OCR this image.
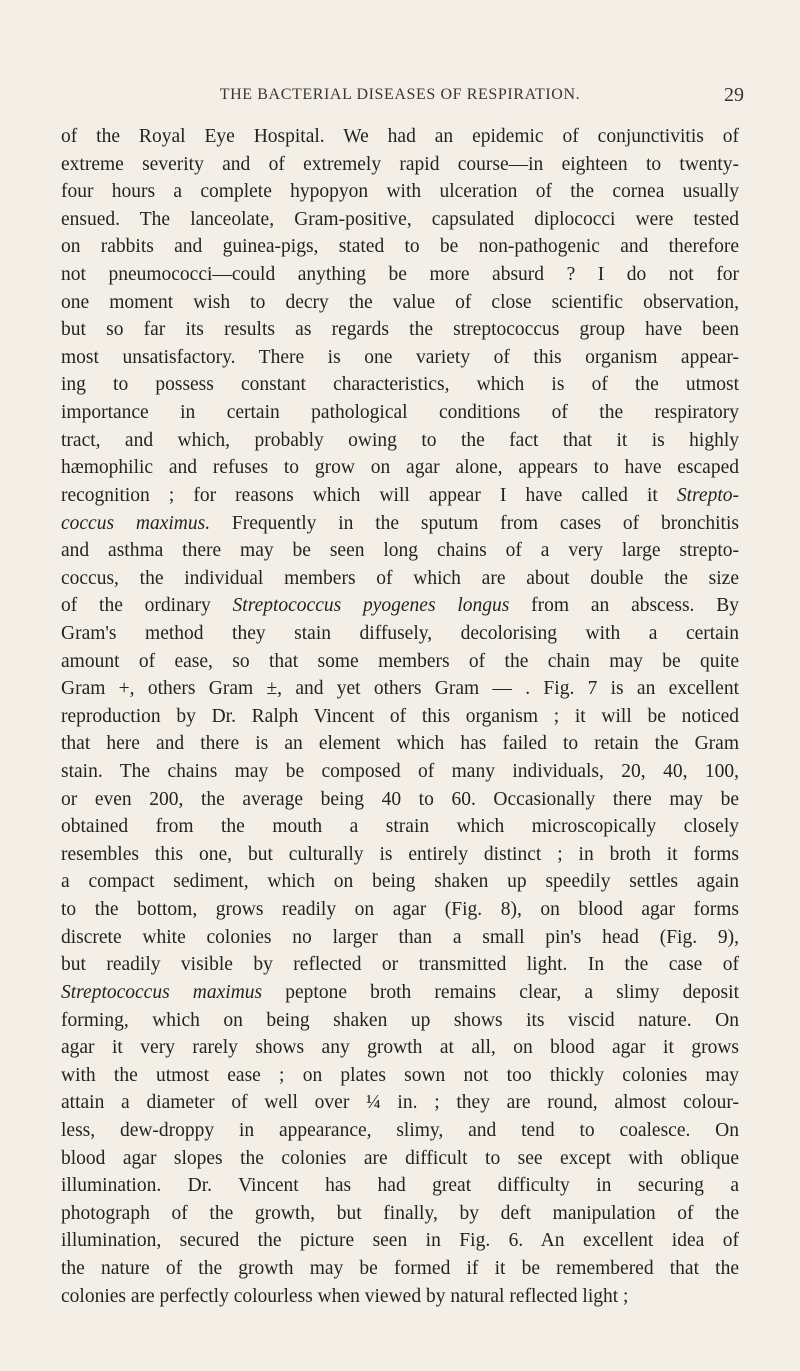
THE BACTERIAL DISEASES OF RESPIRATION.	29
of the Royal Eye Hospital. We had an epidemic of conjunctivitis of
extreme severity and of extremely rapid course—in eighteen to twenty-
four hours a complete hypopyon with ulceration of the cornea usually
ensued. The lanceolate, Gram-positive, capsulated diplococci were tested
on rabbits and guinea-pigs, stated to be non-pathogenic and therefore
not pneumococci—could anything be more absurd ? I do not for
one moment wish to decry the value of close scientific observation,
but so far its results as regards the streptococcus group have been
most unsatisfactory. There is one variety of this organism appear-
ing to possess constant characteristics, which is of the utmost
importance in certain pathological conditions of the respiratory
tract, and which, probably owing to the fact that it is highly
hæmophilic and refuses to grow on agar alone, appears to have escaped
recognition ; for reasons which will appear I have called it Strepto-
coccus maximus. Frequently in the sputum from cases of bronchitis
and asthma there may be seen long chains of a very large strepto-
coccus, the individual members of which are about double the size
of the ordinary Streptococcus pyogenes longus from an abscess. By
Gram's method they stain diffusely, decolorising with a certain
amount of ease, so that some members of the chain may be quite
Gram +, others Gram ±, and yet others Gram — . Fig. 7 is an excellent
reproduction by Dr. Ralph Vincent of this organism ; it will be noticed
that here and there is an element which has failed to retain the Gram
stain. The chains may be composed of many individuals, 20, 40, 100,
or even 200, the average being 40 to 60. Occasionally there may be
obtained from the mouth a strain which microscopically closely
resembles this one, but culturally is entirely distinct ; in broth it forms
a compact sediment, which on being shaken up speedily settles again
to the bottom, grows readily on agar (Fig. 8), on blood agar forms
discrete white colonies no larger than a small pin's head (Fig. 9),
but readily visible by reflected or transmitted light. In the case of
Streptococcus maximus peptone broth remains clear, a slimy deposit
forming, which on being shaken up shows its viscid nature. On
agar it very rarely shows any growth at all, on blood agar it grows
with the utmost ease ; on plates sown not too thickly colonies may
attain a diameter of well over ¼ in. ; they are round, almost colour-
less, dew-droppy in appearance, slimy, and tend to coalesce. On
blood agar slopes the colonies are difficult to see except with oblique
illumination. Dr. Vincent has had great difficulty in securing a
photograph of the growth, but finally, by deft manipulation of the
illumination, secured the picture seen in Fig. 6. An excellent idea of
the nature of the growth may be formed if it be remembered that the
colonies are perfectly colourless when viewed by natural reflected light ;
